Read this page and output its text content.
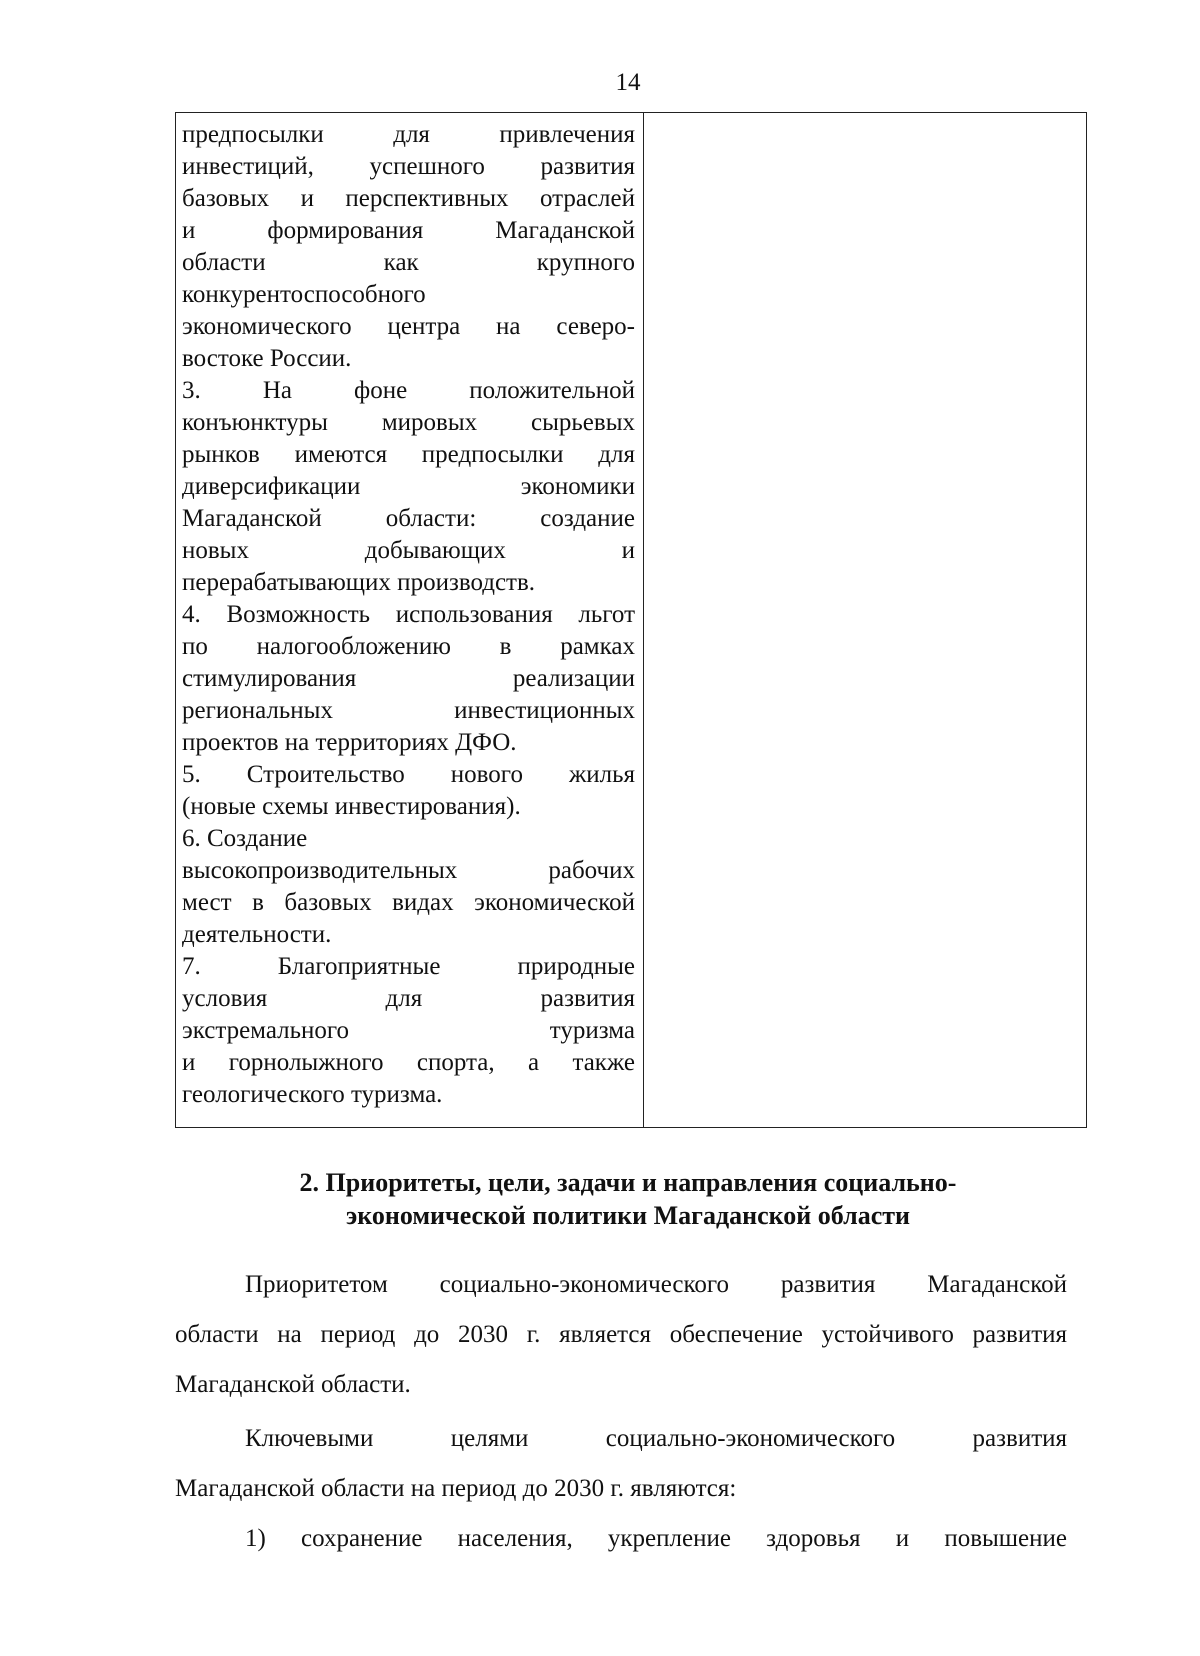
14
предпосылки для привлечения
инвестиций, успешного развития
базовых и перспективных отраслей
и формирования Магаданской
области как крупного
конкурентоспособного
экономического центра на северо-
востоке России.
3. На фоне положительной
конъюнктуры мировых сырьевых
рынков имеются предпосылки для
диверсификации экономики
Магаданской области: создание
новых добывающих и
перерабатывающих производств.
4. Возможность использования льгот
по налогообложению в рамках
стимулирования реализации
региональных инвестиционных
проектов на территориях ДФО.
5. Строительство нового жилья
(новые схемы инвестирования).
6. Создание
высокопроизводительных рабочих
мест в базовых видах экономической
деятельности.
7. Благоприятные природные
условия для развития
экстремального туризма
и горнолыжного спорта, а также
геологического туризма.

2. Приоритеты, цели, задачи и направления социально-
экономической политики Магаданской области
Приоритетом социально-экономического развития Магаданской
области на период до 2030 г. является обеспечение устойчивого развития
Магаданской области.
Ключевыми целями социально-экономического развития
Магаданской области на период до 2030 г. являются:
1) сохранение населения, укрепление здоровья и повышение
